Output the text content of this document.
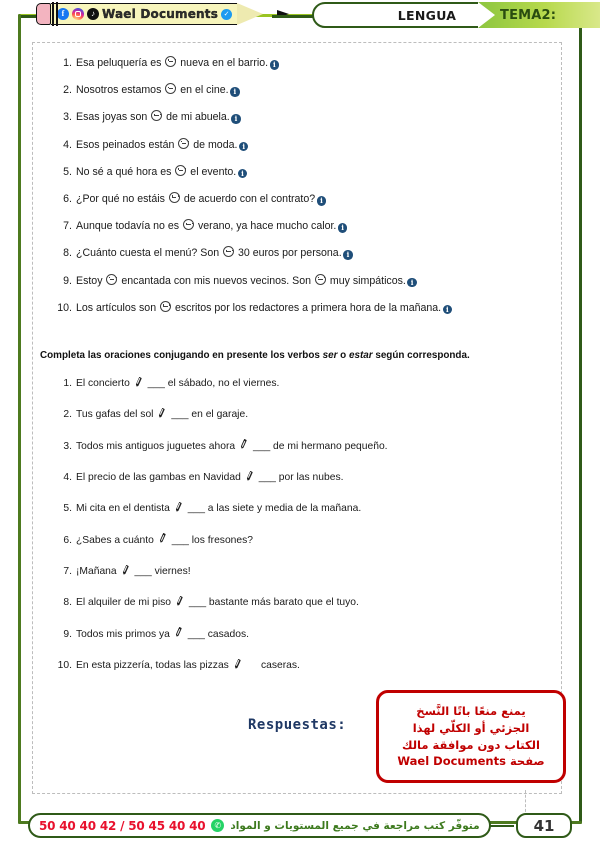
f	♪ Wael Documents ✓	LENGUA	TEMA2:
1. Esa peluquería es  nueva en el barrio. i
2. Nosotros estamos  en el cine. i
3. Esas joyas son  de mi abuela. i
4. Esos peinados están  de moda. i
5. No sé a qué hora es  el evento. i
6. ¿Por qué no estáis  de acuerdo con el contrato? i
7. Aunque todavía no es  verano, ya hace mucho calor. i
8. ¿Cuánto cuesta el menú? Son  30 euros por persona. i
9. Estoy  encantada con mis nuevos vecinos. Son  muy simpáticos. i
10. Los artículos son  escritos por los redactores a primera hora de la mañana. i
Completa las oraciones conjugando en presente los verbos ser o estar según corresponda.
1. El concierto ___ el sábado, no el viernes.
2. Tus gafas del sol ___ en el garaje.
3. Todos mis antiguos juguetes ahora ___ de mi hermano pequeño.
4. El precio de las gambas en Navidad ___ por las nubes.
5. Mi cita en el dentista ___ a las siete y media de la mañana.
6. ¿Sabes a cuánto ___ los fresones?
7. ¡Mañana ___ viernes!
8. El alquiler de mi piso ___ bastante más barato que el tuyo.
9. Todos mis primos ya ___ casados.
10. En esta pizzería, todas las pizzas	caseras.
Respuestas:
يمنع منعًا باتًا النَّسخ
الجزئي أو الكلّي لهذا
الكتاب دون موافقة مالك
صفحة Wael Documents
متوفّر كتب مراجعة في جميع المستويات و المواد
✆
50 40 40 42 / 50 45 40 40	41
